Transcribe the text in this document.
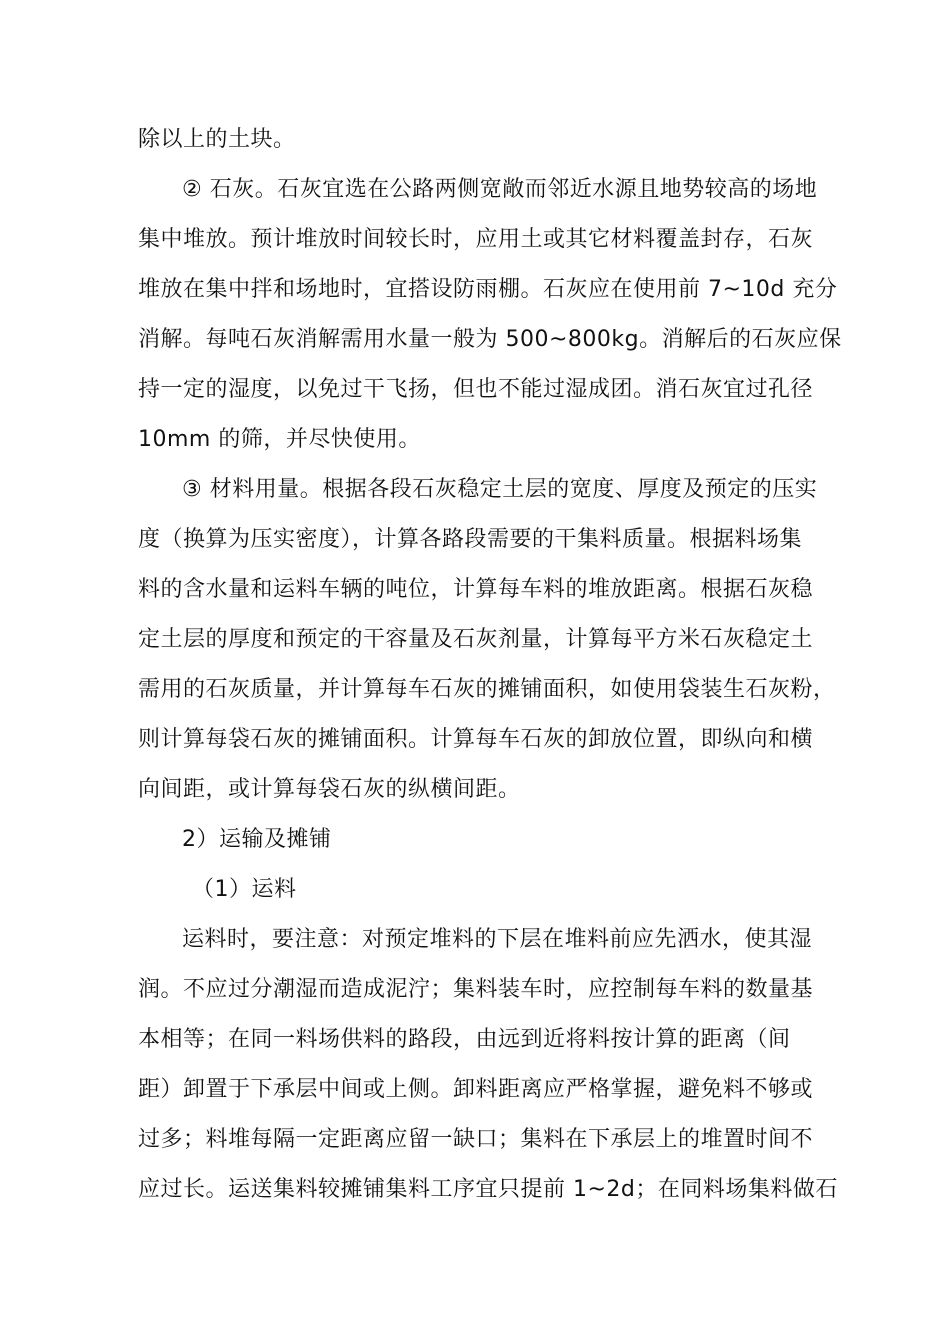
除以上的土块。
② 石灰。石灰宜选在公路两侧宽敞而邻近水源且地势较高的场地
集中堆放。预计堆放时间较长时，应用土或其它材料覆盖封存，石灰
堆放在集中拌和场地时，宜搭设防雨棚。石灰应在使用前 7~10d 充分
消解。每吨石灰消解需用水量一般为 500~800kg。消解后的石灰应保
持一定的湿度，以免过干飞扬，但也不能过湿成团。消石灰宜过孔径
10mm 的筛，并尽快使用。
③ 材料用量。根据各段石灰稳定土层的宽度、厚度及预定的压实
度（换算为压实密度），计算各路段需要的干集料质量。根据料场集
料的含水量和运料车辆的吨位，计算每车料的堆放距离。根据石灰稳
定土层的厚度和预定的干容量及石灰剂量，计算每平方米石灰稳定土
需用的石灰质量，并计算每车石灰的摊铺面积，如使用袋装生石灰粉，
则计算每袋石灰的摊铺面积。计算每车石灰的卸放位置，即纵向和横
向间距，或计算每袋石灰的纵横间距。
2）运输及摊铺
（1）运料
运料时，要注意：对预定堆料的下层在堆料前应先洒水，使其湿
润。不应过分潮湿而造成泥泞；集料装车时，应控制每车料的数量基
本相等；在同一料场供料的路段，由远到近将料按计算的距离（间
距）卸置于下承层中间或上侧。卸料距离应严格掌握，避免料不够或
过多；料堆每隔一定距离应留一缺口；集料在下承层上的堆置时间不
应过长。运送集料较摊铺集料工序宜只提前 1~2d；在同料场集料做石
